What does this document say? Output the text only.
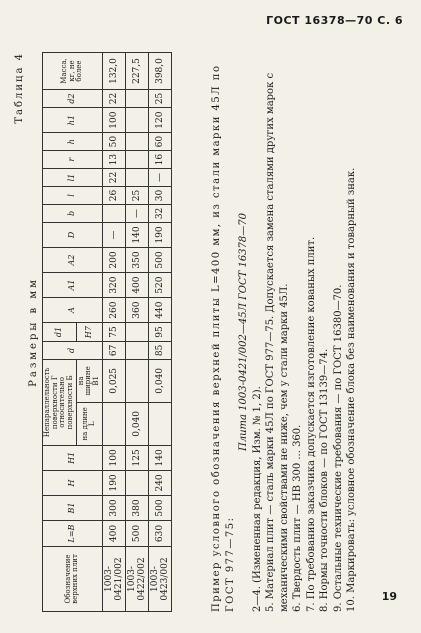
ГОСТ 16378—70 С. 6
Таблица 4
Размеры в мм
Обозначение верхних плит	L=B	B1	H	H1	Непараллельность поверхности Г относительно поверхности Б		d	d1	A	A1	A2	D	b	l	l1	r	h	h1	d2	Масса, кг, не более
					на длине L	на ширине B1		H7												
1003-0421/002	400	300	190	100		0,025	67	75	260	320	200	—		26	22	13	50	100	22	132,0
1003-0422/002	500	380		125	0,040				360	400	350	140	—	25						227,5
1003-0423/002	630	500	240	140		0,040	85	95	440	520	500	190	32	30	—	16	60	120	25	398,0	Пример условного обозначения верхней плиты L=400 мм, из стали марки 45Л по ГОСТ 977—75:

Плита 1003-0421/002—45Л ГОСТ 16378—70

2—4. (Измененная редакция, Изм. № 1, 2). 5. Материал плит — сталь марки 45Л по ГОСТ 977—75. Допускается замена сталями других марок с механическими свойствами не ниже, чем у стали марки 45Л. 6. Твердость плит — НВ 300 ... 360. 7. По требованию заказчика допускается изготовление кованых плит. 8. Нормы точности блоков — по ГОСТ 13139—74. 9. Остальные технические требования — по ГОСТ 16380—70. 10. Маркировать: условное обозначение блока без наименования и товарный знак. 19
